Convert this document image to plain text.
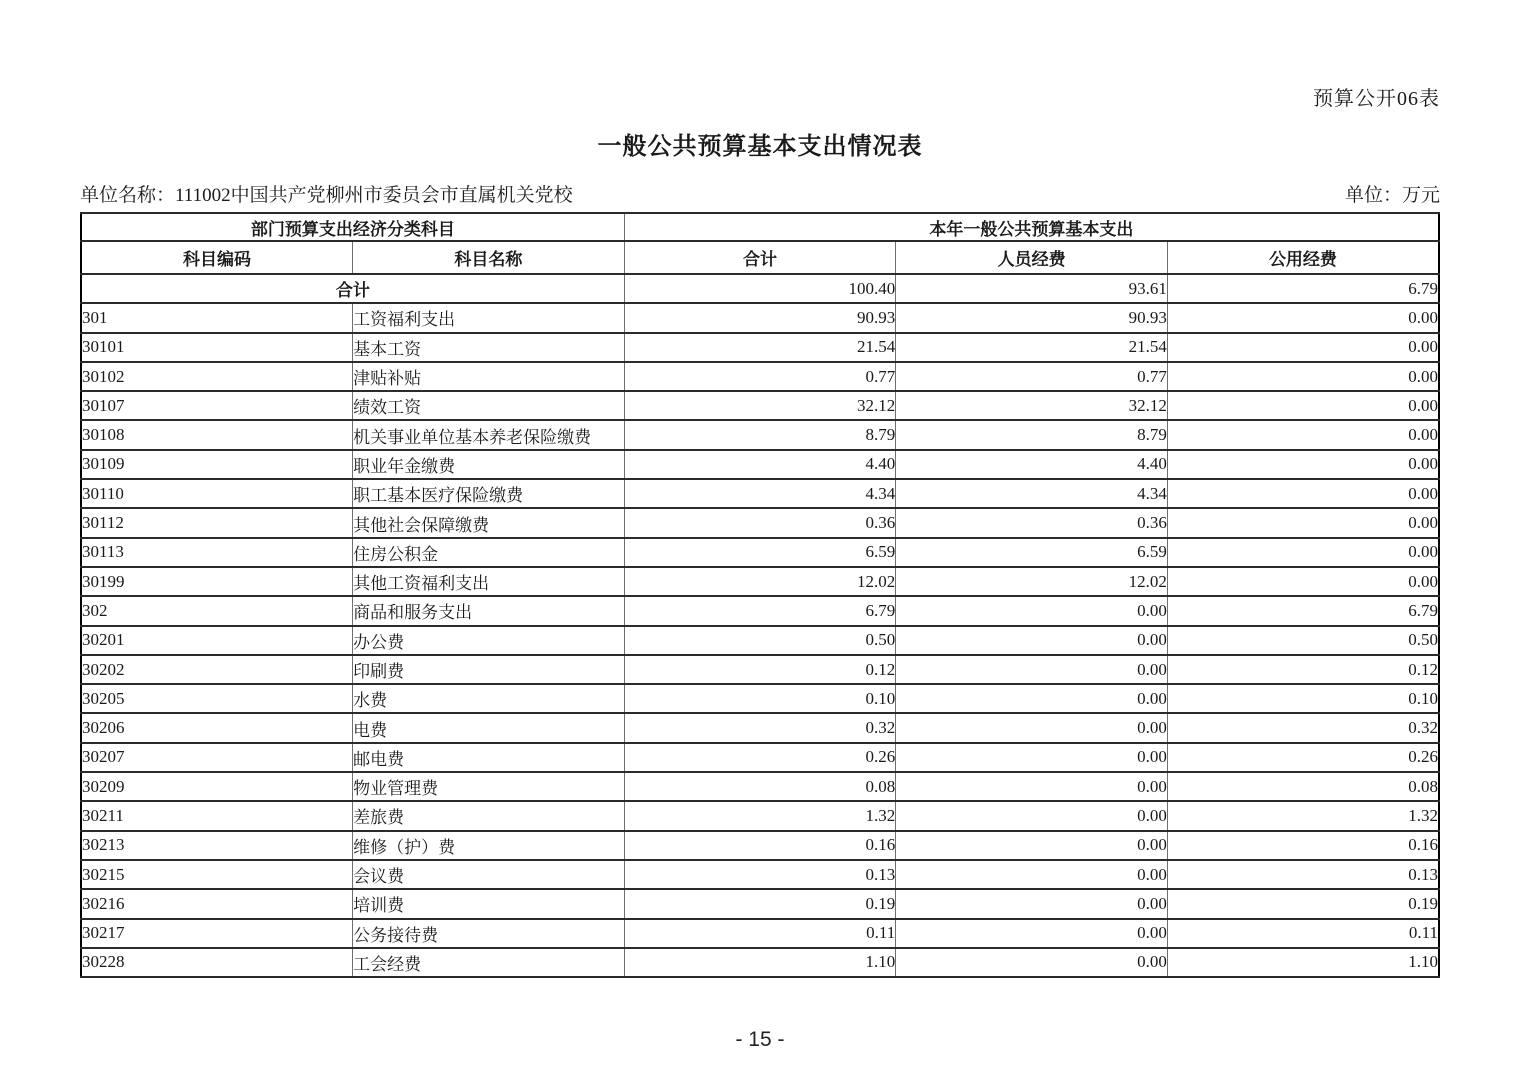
预算公开06表
一般公共预算基本支出情况表
单位名称：111002中国共产党柳州市委员会市直属机关党校	单位：万元
部门预算支出经济分类科目		本年一般公共预算基本支出		
科目编码	科目名称	合计	人员经费	公用经费
合计		100.40	93.61	6.79
301	工资福利支出	90.93	90.93	0.00
30101	基本工资	21.54	21.54	0.00
30102	津贴补贴	0.77	0.77	0.00
30107	绩效工资	32.12	32.12	0.00
30108	机关事业单位基本养老保险缴费	8.79	8.79	0.00
30109	职业年金缴费	4.40	4.40	0.00
30110	职工基本医疗保险缴费	4.34	4.34	0.00
30112	其他社会保障缴费	0.36	0.36	0.00
30113	住房公积金	6.59	6.59	0.00
30199	其他工资福利支出	12.02	12.02	0.00
302	商品和服务支出	6.79	0.00	6.79
30201	办公费	0.50	0.00	0.50
30202	印刷费	0.12	0.00	0.12
30205	水费	0.10	0.00	0.10
30206	电费	0.32	0.00	0.32
30207	邮电费	0.26	0.00	0.26
30209	物业管理费	0.08	0.00	0.08
30211	差旅费	1.32	0.00	1.32
30213	维修（护）费	0.16	0.00	0.16
30215	会议费	0.13	0.00	0.13
30216	培训费	0.19	0.00	0.19
30217	公务接待费	0.11	0.00	0.11
30228	工会经费	1.10	0.00	1.10
- 15 -
